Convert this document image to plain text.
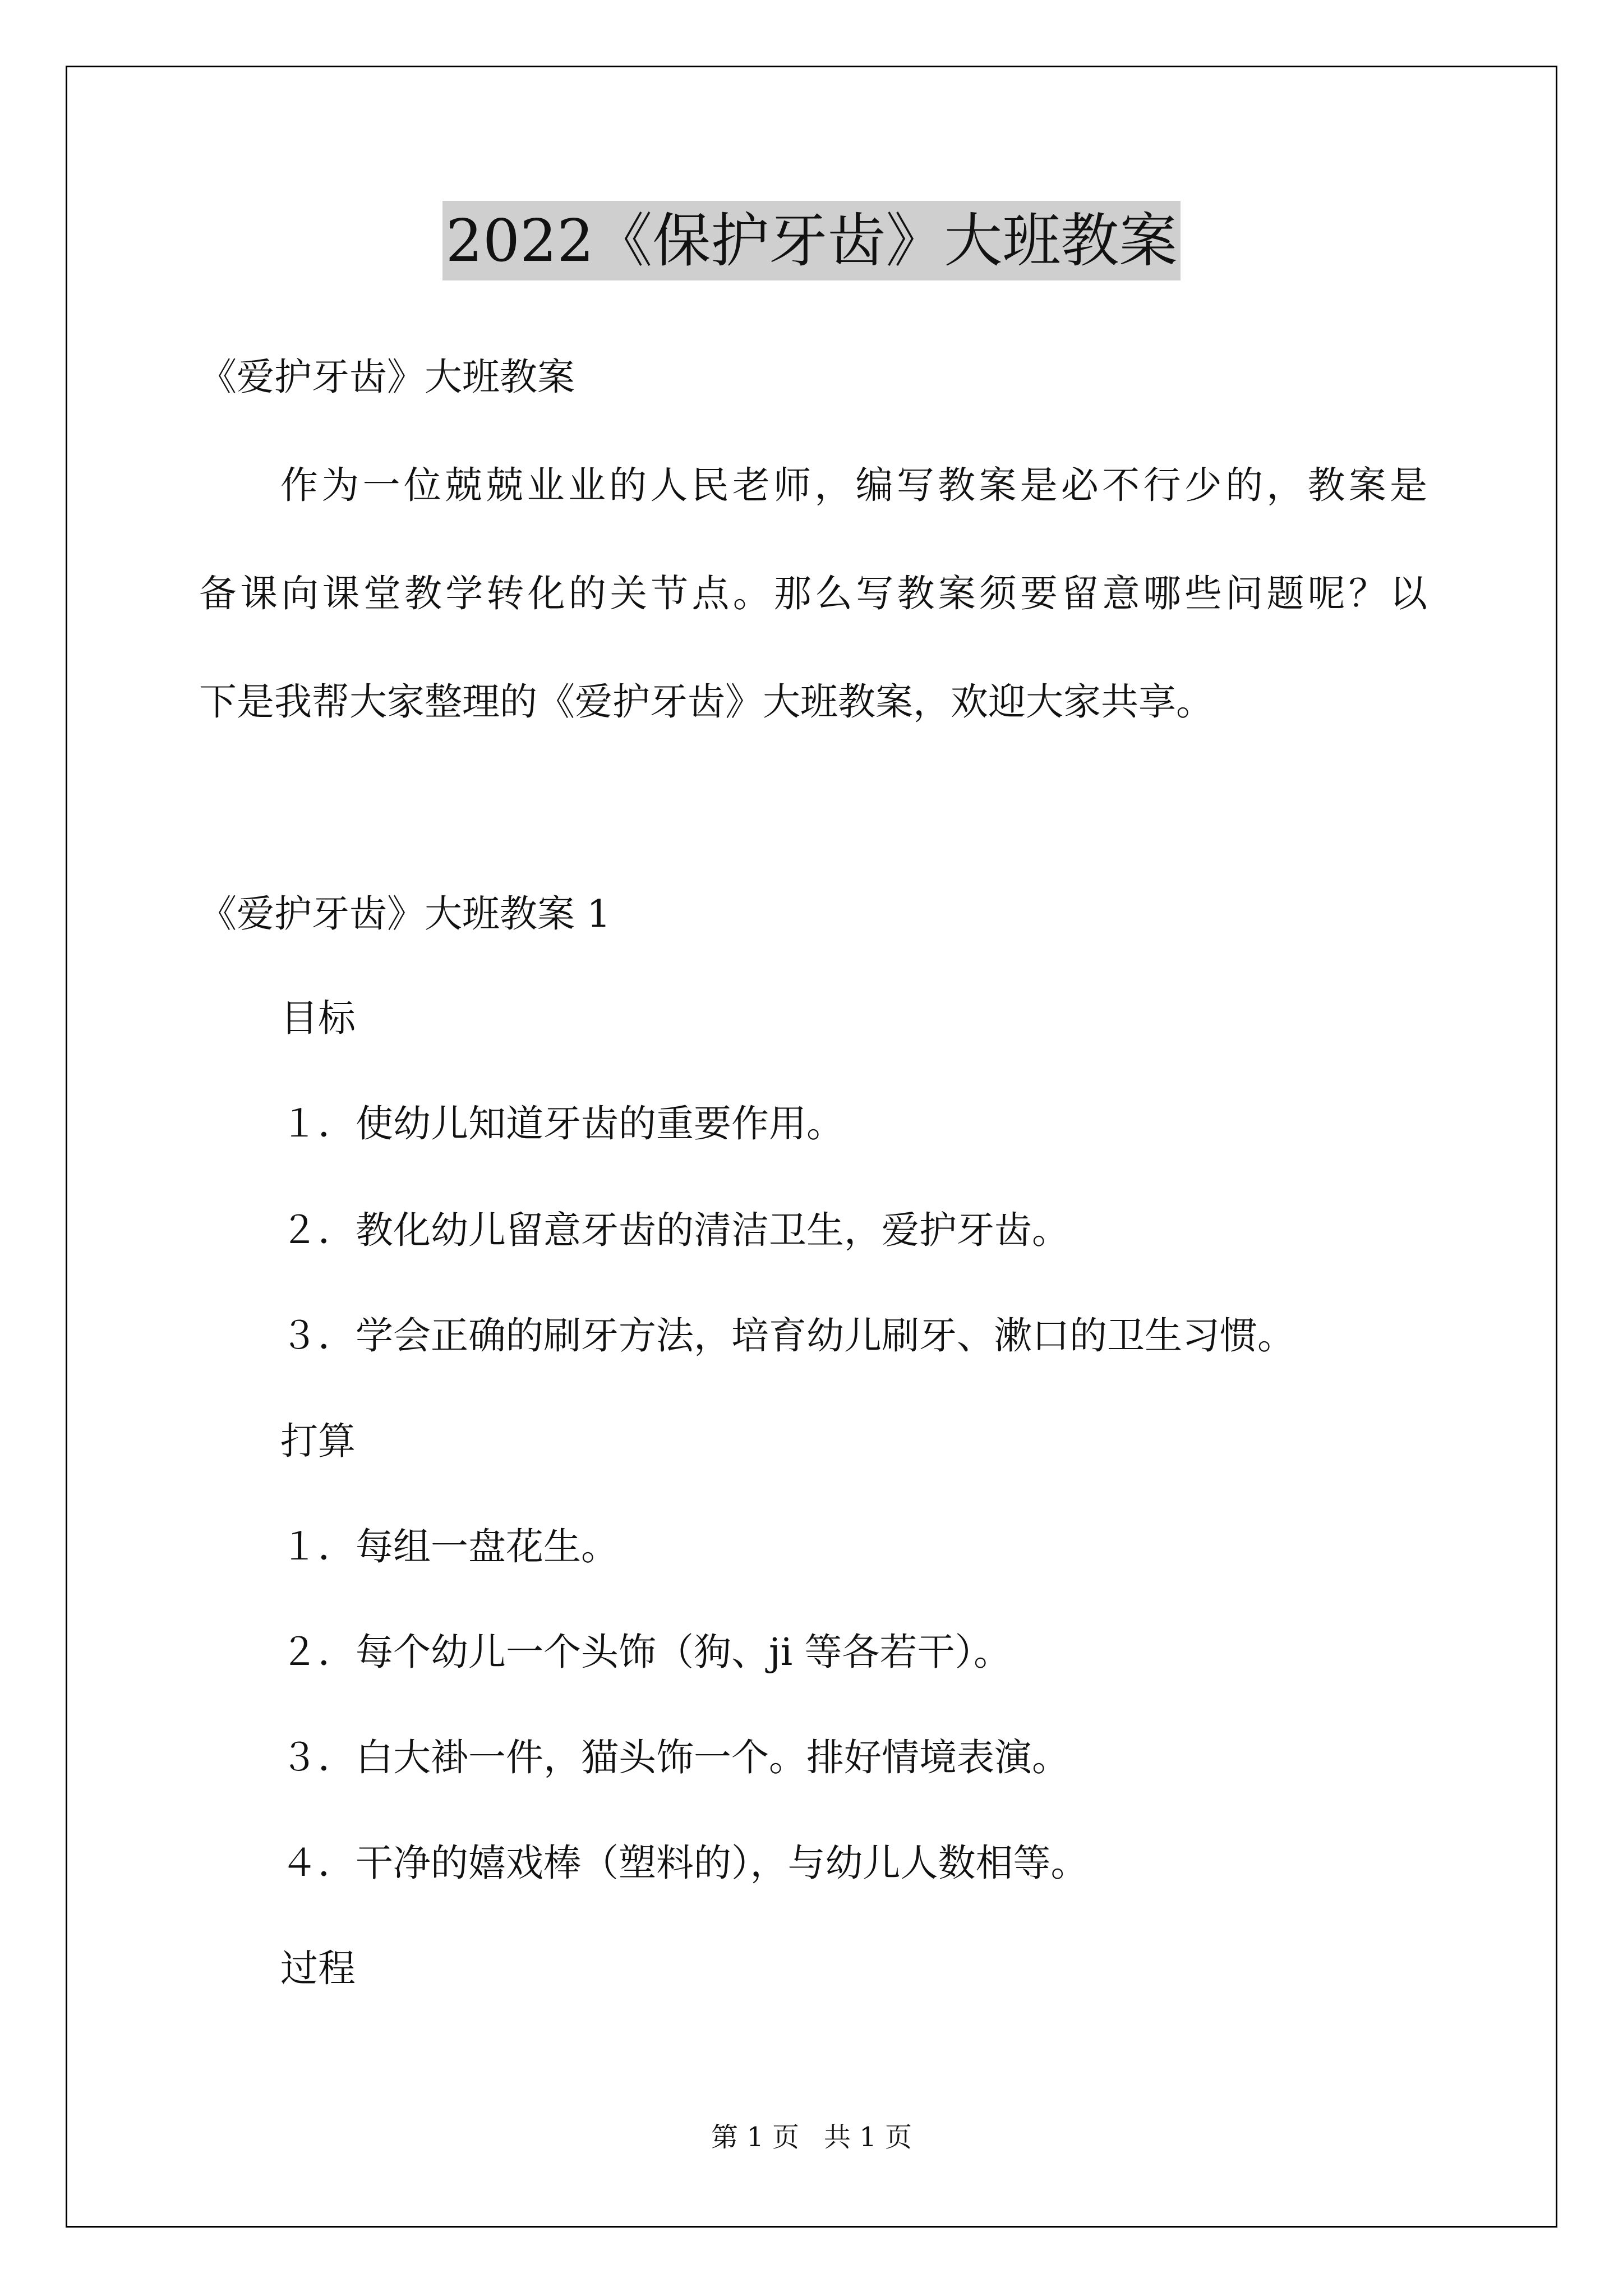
2022《保护牙齿》大班教案
《爱护牙齿》大班教案
作为一位兢兢业业的人民老师，编写教案是必不行少的，教案是
备课向课堂教学转化的关节点。那么写教案须要留意哪些问题呢？以
下是我帮大家整理的《爱护牙齿》大班教案，欢迎大家共享。
《爱护牙齿》大班教案 1
目标
１．使幼儿知道牙齿的重要作用。
２．教化幼儿留意牙齿的清洁卫生，爱护牙齿。
３．学会正确的刷牙方法，培育幼儿刷牙、漱口的卫生习惯。
打算
１．每组一盘花生。
２．每个幼儿一个头饰（狗、ji 等各若干）。
３．白大褂一件，猫头饰一个。排好情境表演。
４．干净的嬉戏棒（塑料的），与幼儿人数相等。
过程
第 1 页 共 1 页
